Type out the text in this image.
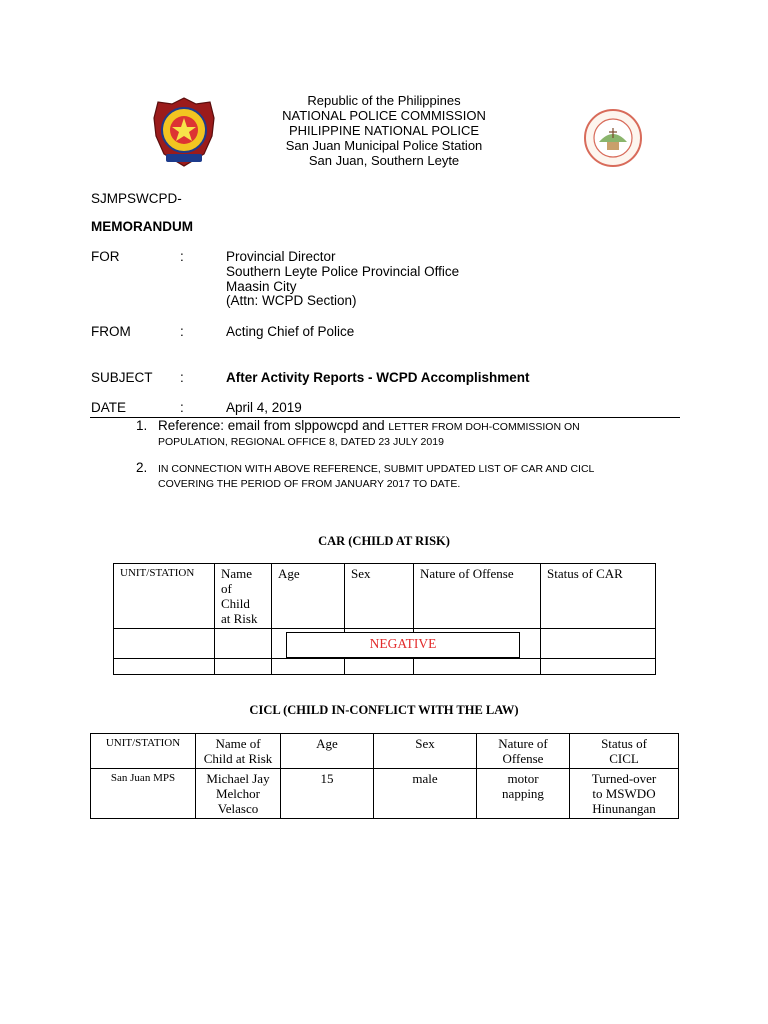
Republic of the Philippines
NATIONAL POLICE COMMISSION
PHILIPPINE NATIONAL POLICE
San Juan Municipal Police Station
San Juan, Southern Leyte
SJMPSWCPD-
MEMORANDUM
FOR	:	Provincial Director
Southern Leyte Police Provincial Office
Maasin City
(Attn: WCPD Section)
FROM	:	Acting Chief of Police
SUBJECT :	After Activity Reports - WCPD Accomplishment
DATE	:	April 4, 2019
1. Reference: email from slppowcpd and LETTER FROM DOH-COMMISSION ON
POPULATION, REGIONAL OFFICE 8, DATED 23 JULY 2019
2. IN CONNECTION WITH ABOVE REFERENCE, SUBMIT UPDATED LIST OF CAR AND CICL
COVERING THE PERIOD OF FROM JANUARY 2017 TO DATE.
CAR (CHILD AT RISK)
UNIT/STATION	Name
of
Child
at Risk	Age	Sex	Nature of Offense	Status of CAR

NEGATIVE
CICL (CHILD IN-CONFLICT WITH THE LAW)
UNIT/STATION	Name of
Child at Risk	Age	Sex	Nature of
Offense	Status of
CICL
San Juan MPS	Michael Jay
Melchor
Velasco	15	male	motor
napping	Turned-over
to MSWDO
Hinunangan
